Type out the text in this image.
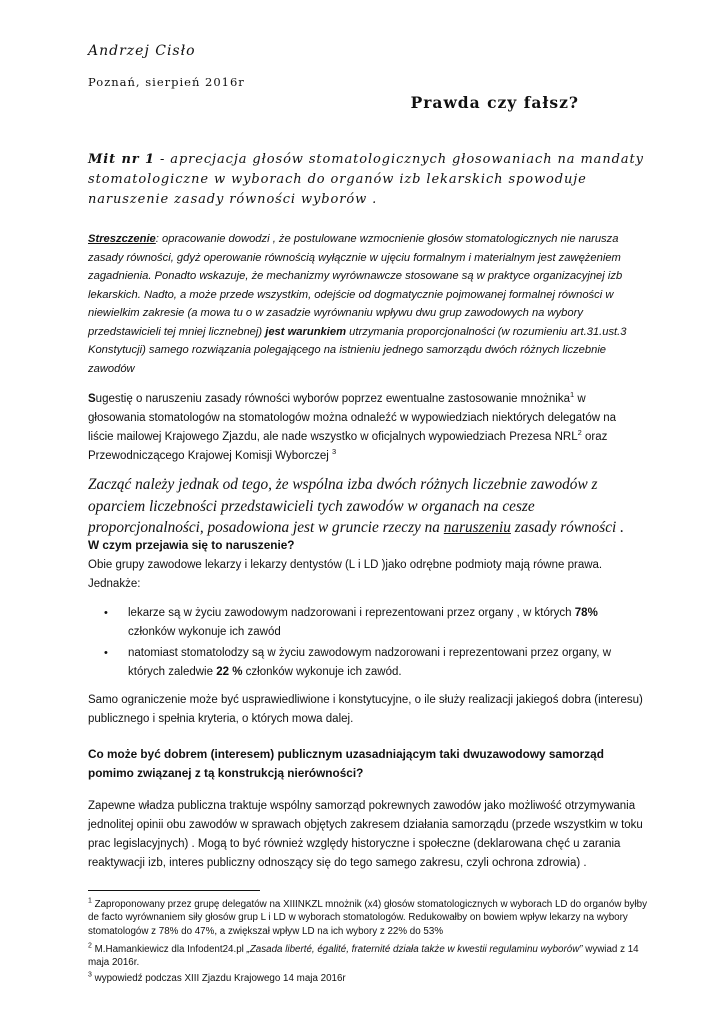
Andrzej Cisło
Poznań, sierpień 2016r
Prawda czy fałsz?
Mit nr 1 - aprecjacja głosów stomatologicznych głosowaniach na mandaty stomatologiczne w wyborach do organów izb lekarskich spowoduje naruszenie zasady równości wyborów .
Streszczenie: opracowanie dowodzi , że postulowane wzmocnienie głosów stomatologicznych nie narusza zasady równości, gdyż operowanie równością wyłącznie w ujęciu formalnym i materialnym jest zawężeniem zagadnienia. Ponadto wskazuje, że mechanizmy wyrównawcze stosowane są w praktyce organizacyjnej izb lekarskich. Nadto, a może przede wszystkim, odejście od dogmatycznie pojmowanej formalnej równości w niewielkim zakresie (a mowa tu o w zasadzie wyrównaniu wpływu dwu grup zawodowych na wybory przedstawicieli tej mniej licznebnej) jest warunkiem utrzymania proporcjonalności (w rozumieniu art.31.ust.3 Konstytucji) samego rozwiązania polegającego na istnieniu jednego samorządu dwóch różnych liczebnie zawodów
Sugestię o naruszeniu zasady równości wyborów poprzez ewentualne zastosowanie mnożnika$^1$ w głosowania stomatologów na stomatologów można odnaleźć w wypowiedziach niektórych delegatów na liście mailowej Krajowego Zjazdu, ale nade wszystko w oficjalnych wypowiedziach Prezesa NRL$^2$ oraz Przewodniczącego Krajowej Komisji Wyborczej $^3$
Zacząć należy jednak od tego, że wspólna izba dwóch różnych liczebnie zawodów z oparciem liczebności przedstawicieli tych zawodów w organach na cesze proporcjonalności, posadowiona jest w gruncie rzeczy na naruszeniu zasady równości .
W czym przejawia się to naruszenie?
Obie grupy zawodowe lekarzy i lekarzy dentystów (L i LD )jako odrębne podmioty mają równe prawa. Jednakże:
• lekarze są w życiu zawodowym nadzorowani i reprezentowani przez organy , w których 78% członków wykonuje ich zawód
• natomiast stomatolodzy są w życiu zawodowym nadzorowani i reprezentowani przez organy, w których zaledwie 22 % członków wykonuje ich zawód.
Samo ograniczenie może być usprawiedliwione i konstytucyjne, o ile służy realizacji jakiegoś dobra (interesu) publicznego i spełnia kryteria, o których mowa dalej.
Co może być dobrem (interesem) publicznym uzasadniającym taki dwuzawodowy samorząd pomimo związanej z tą konstrukcją nierówności?
Zapewne władza publiczna traktuje wspólny samorząd pokrewnych zawodów jako możliwość otrzymywania jednolitej opinii obu zawodów w sprawach objętych zakresem działania samorządu (przede wszystkim w toku prac legislacyjnych) . Mogą to być również względy historyczne i społeczne (deklarowana chęć u zarania reaktywacji izb, interes publiczny odnoszący się do tego samego zakresu, czyli ochrona zdrowia) .
$^1$ Zaproponowany przez grupę delegatów na XIIINKZL mnożnik (x4) głosów stomatologicznych w wyborach LD do organów byłby de facto wyrównaniem siły głosów grup L i LD w wyborach stomatologów. Redukowałby on bowiem wpływ lekarzy na wybory stomatologów z 78% do 47%, a zwiększał wpływ LD na ich wybory z 22% do 53%
$^2$ M.Hamankiewicz dla Infodent24.pl „Zasada liberté, égalité, fraternité działa także w kwestii regulaminu wyborów” wywiad z 14 maja 2016r.
$^3$ wypowiedź podczas XIII Zjazdu Krajowego 14 maja 2016r
